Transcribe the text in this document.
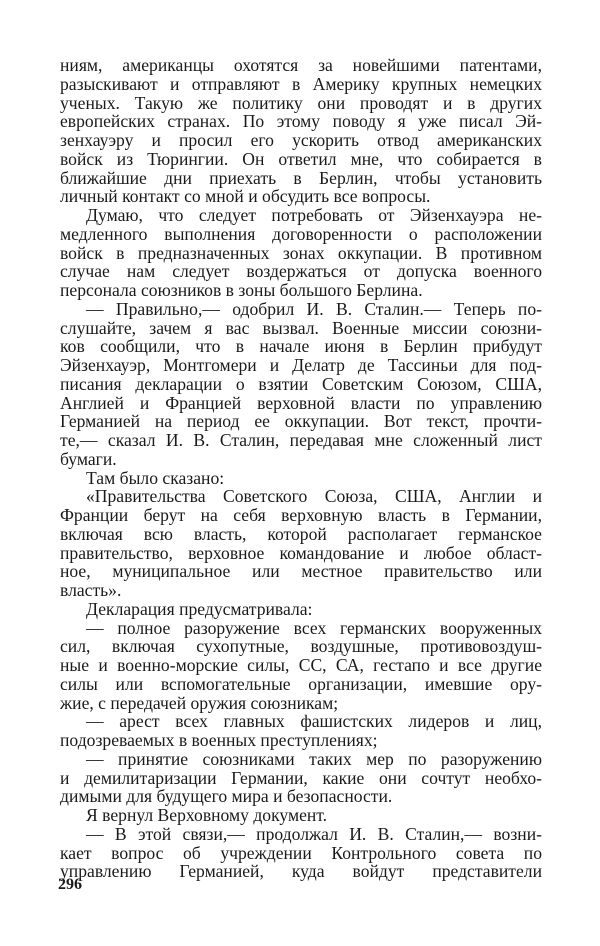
ниям, американцы охотятся за новейшими патентами,
разыскивают и отправляют в Америку крупных немецких
ученых. Такую же политику они проводят и в других
европейских странах. По этому поводу я уже писал Эй-
зенхауэру и просил его ускорить отвод американских
войск из Тюрингии. Он ответил мне, что собирается в
ближайшие дни приехать в Берлин, чтобы установить
личный контакт со мной и обсудить все вопросы.
Думаю, что следует потребовать от Эйзенхауэра не-
медленного выполнения договоренности о расположении
войск в предназначенных зонах оккупации. В противном
случае нам следует воздержаться от допуска военного
персонала союзников в зоны большого Берлина.
— Правильно,— одобрил И. В. Сталин.— Теперь по-
слушайте, зачем я вас вызвал. Военные миссии союзни-
ков сообщили, что в начале июня в Берлин прибудут
Эйзенхауэр, Монтгомери и Делатр де Тассиньи для под-
писания декларации о взятии Советским Союзом, США,
Англией и Францией верховной власти по управлению
Германией на период ее оккупации. Вот текст, прочти-
те,— сказал И. В. Сталин, передавая мне сложенный лист
бумаги.
Там было сказано:
«Правительства Советского Союза, США, Англии и
Франции берут на себя верховную власть в Германии,
включая всю власть, которой располагает германское
правительство, верховное командование и любое област-
ное, муниципальное или местное правительство или
власть».
Декларация предусматривала:
— полное разоружение всех германских вооруженных
сил, включая сухопутные, воздушные, противовоздуш-
ные и военно-морские силы, СС, СА, гестапо и все другие
силы или вспомогательные организации, имевшие ору-
жие, с передачей оружия союзникам;
— арест всех главных фашистских лидеров и лиц,
подозреваемых в военных преступлениях;
— принятие союзниками таких мер по разоружению
и демилитаризации Германии, какие они сочтут необхо-
димыми для будущего мира и безопасности.
Я вернул Верховному документ.
— В этой связи,— продолжал И. В. Сталин,— возни-
кает вопрос об учреждении Контрольного совета по
управлению Германией, куда войдут представители
296
